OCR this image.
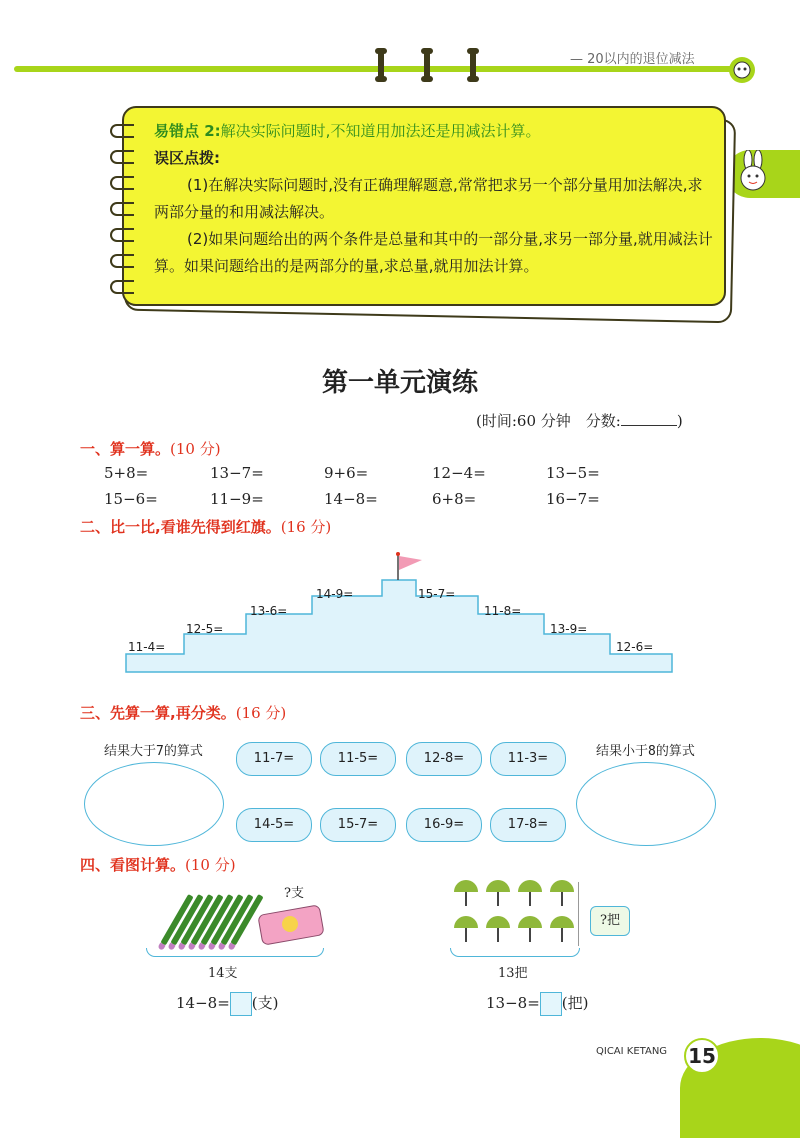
— 20以内的退位减法

易错点 2:解决实际问题时,不知道用加法还是用减法计算。

误区点拨:

(1)在解决实际问题时,没有正确理解题意,常常把求另一个部分量用加法解决,求两部分量的和用减法解决。

(2)如果问题给出的两个条件是总量和其中的一部分量,求另一部分量,就用减法计算。如果问题给出的是两部分的量,求总量,就用加法计算。

第一单元演练
(时间:60 分钟　分数:	)
一、算一算。(10 分)
5+8=	13−7=	9+6=	12−4=	13−5=
15−6=	11−9=	14−8=	6+8=	16−7=
二、比一比,看谁先得到红旗。(16 分)
11-4=
12-5=
13-6=
14-9=	15-7=
11-8=
13-9=
12-6=
三、先算一算,再分类。(16 分)
结果大于7的算式	结果小于8的算式
11-7=	11-5=	12-8=	11-3=
14-5=	15-7=	16-9=	17-8=
四、看图计算。(10 分)
?支
14支
14−8= (支)
?把
13把
13−8= (把)
QICAI KETANG 15
